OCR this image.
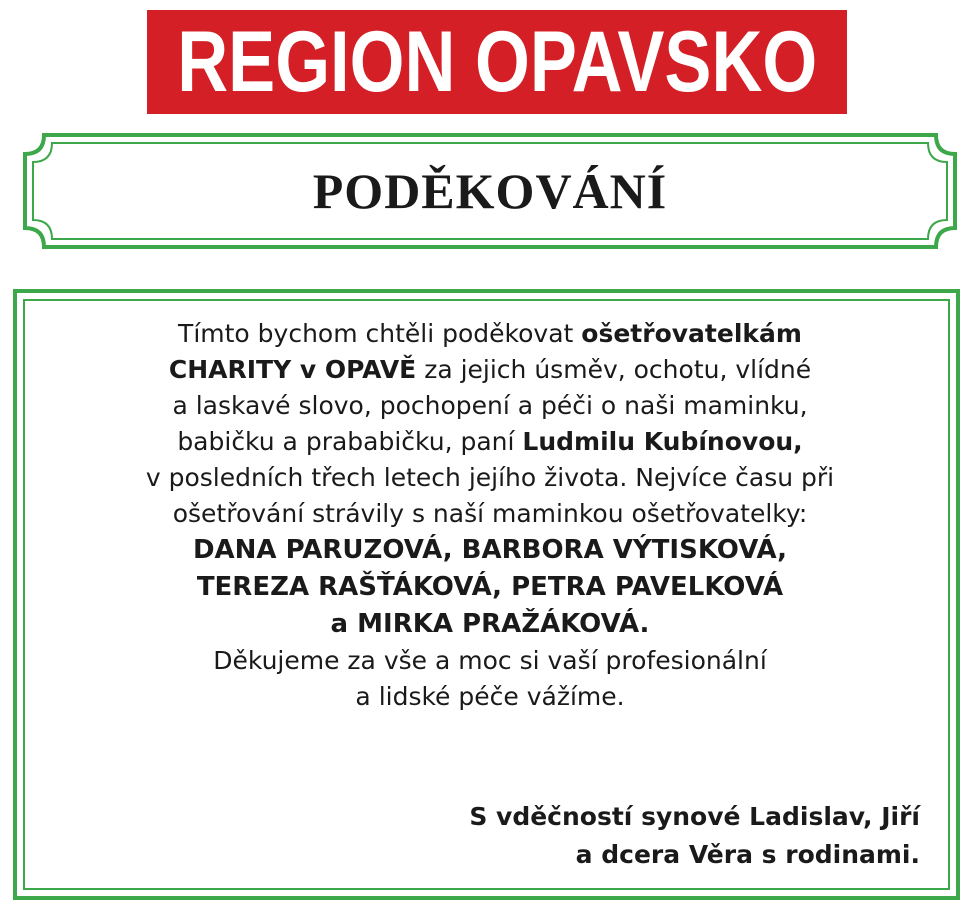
REGION OPAVSKO
PODĚKOVÁNÍ
Tímto bychom chtěli poděkovat ošetřovatelkám
CHARITY v OPAVĚ za jejich úsměv, ochotu, vlídné
a laskavé slovo, pochopení a péči o naši maminku,
babičku a prababičku, paní Ludmilu Kubínovou,
v posledních třech letech jejího života. Nejvíce času při
ošetřování strávily s naší maminkou ošetřovatelky:
DANA PARUZOVÁ, BARBORA VÝTISKOVÁ,
TEREZA RAŠŤÁKOVÁ, PETRA PAVELKOVÁ
a MIRKA PRAŽÁKOVÁ.
Děkujeme za vše a moc si vaší profesionální
a lidské péče vážíme.
S vděčností synové Ladislav, Jiří
a dcera Věra s rodinami.
